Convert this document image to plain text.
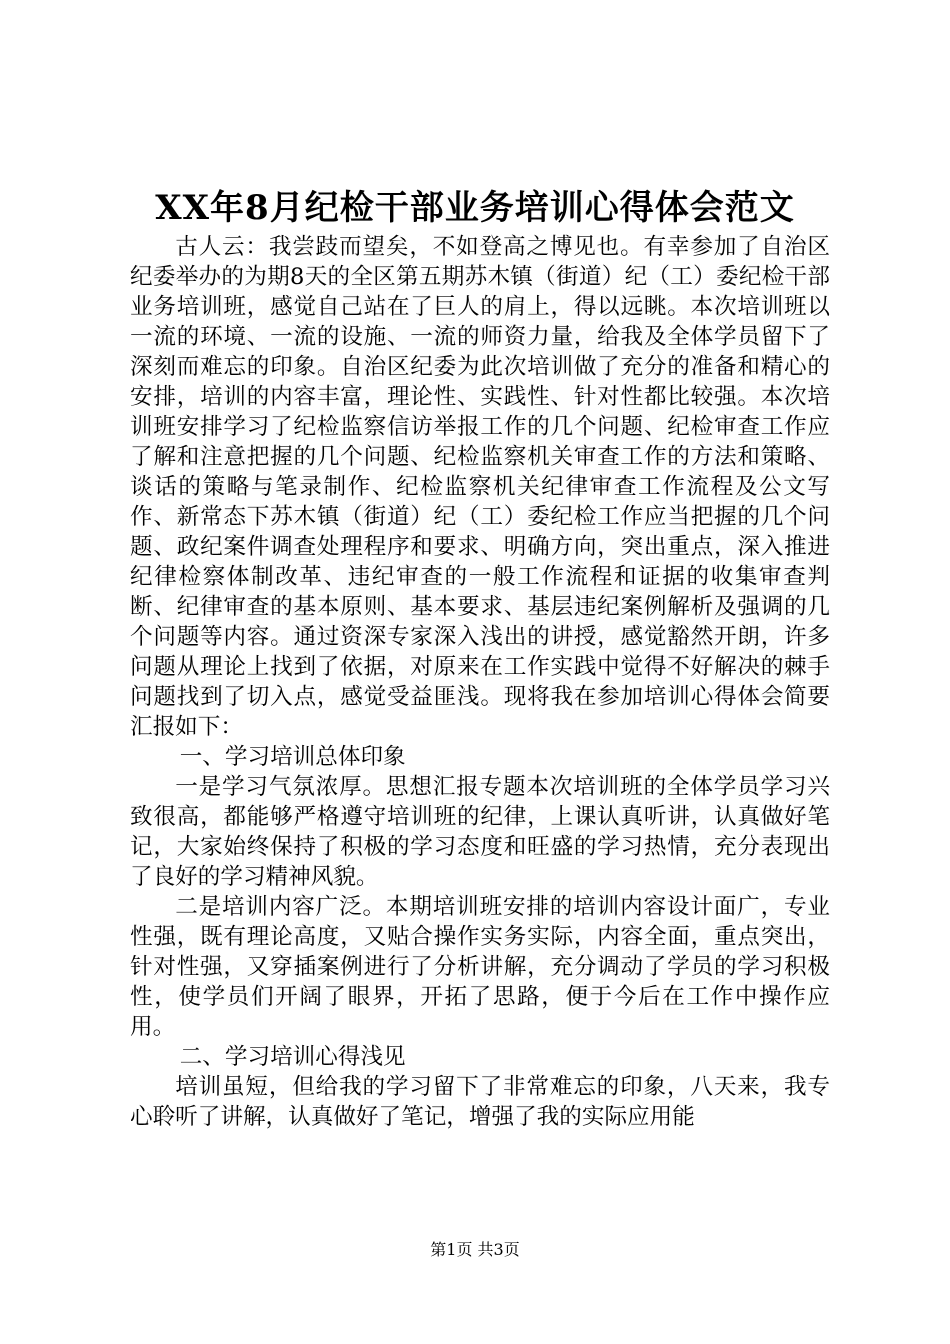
XX年8月纪检干部业务培训心得体会范文

古人云：我尝跂而望矣，不如登高之博见也。有幸参加了自治区纪委举办的为期8天的全区第五期苏木镇（街道）纪（工）委纪检干部业务培训班，感觉自己站在了巨人的肩上，得以远眺。本次培训班以一流的环境、一流的设施、一流的师资力量，给我及全体学员留下了深刻而难忘的印象。自治区纪委为此次培训做了充分的准备和精心的安排，培训的内容丰富，理论性、实践性、针对性都比较强。本次培训班安排学习了纪检监察信访举报工作的几个问题、纪检审查工作应了解和注意把握的几个问题、纪检监察机关审查工作的方法和策略、谈话的策略与笔录制作、纪检监察机关纪律审查工作流程及公文写作、新常态下苏木镇（街道）纪（工）委纪检工作应当把握的几个问题、政纪案件调查处理程序和要求、明确方向，突出重点，深入推进纪律检察体制改革、违纪审查的一般工作流程和证据的收集审查判断、纪律审查的基本原则、基本要求、基层违纪案例解析及强调的几个问题等内容。通过资深专家深入浅出的讲授，感觉豁然开朗，许多问题从理论上找到了依据，对原来在工作实践中觉得不好解决的棘手问题找到了切入点，感觉受益匪浅。现将我在参加培训心得体会简要汇报如下：

一、学习培训总体印象

一是学习气氛浓厚。思想汇报专题本次培训班的全体学员学习兴致很高，都能够严格遵守培训班的纪律，上课认真听讲，认真做好笔记，大家始终保持了积极的学习态度和旺盛的学习热情，充分表现出了良好的学习精神风貌。

二是培训内容广泛。本期培训班安排的培训内容设计面广，专业性强，既有理论高度，又贴合操作实务实际，内容全面，重点突出，针对性强，又穿插案例进行了分析讲解，充分调动了学员的学习积极性，使学员们开阔了眼界，开拓了思路，便于今后在工作中操作应用。

二、学习培训心得浅见

培训虽短，但给我的学习留下了非常难忘的印象，八天来，我专心聆听了讲解，认真做好了笔记，增强了我的实际应用能

第1页 共3页
